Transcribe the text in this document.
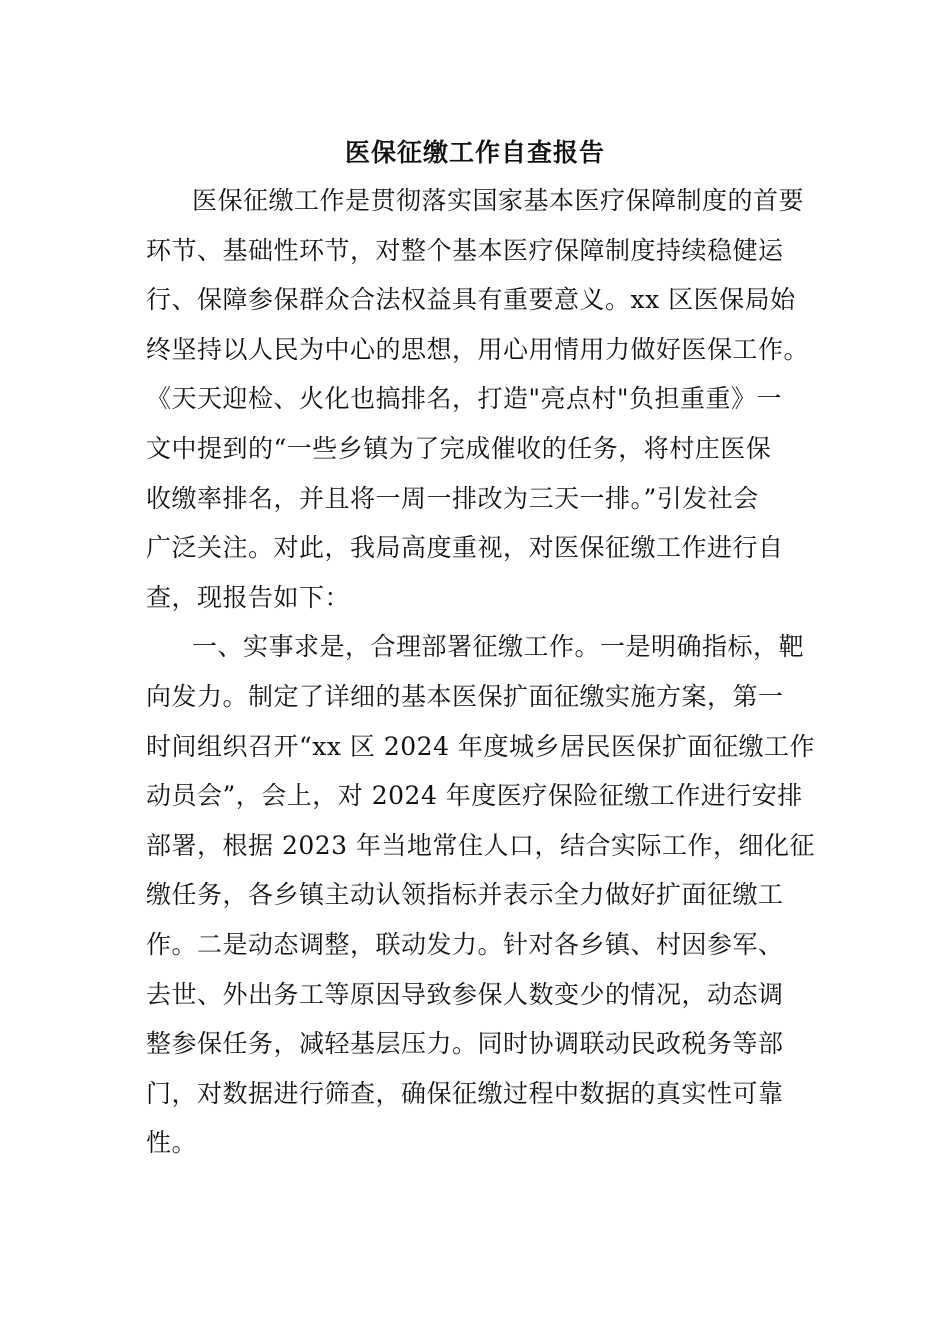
医保征缴工作自查报告
医保征缴工作是贯彻落实国家基本医疗保障制度的首要
环节、基础性环节，对整个基本医疗保障制度持续稳健运
行、保障参保群众合法权益具有重要意义。xx 区医保局始
终坚持以人民为中心的思想，用心用情用力做好医保工作。
《天天迎检、火化也搞排名，打造"亮点村"负担重重》一
文中提到的“一些乡镇为了完成催收的任务，将村庄医保
收缴率排名，并且将一周一排改为三天一排。”引发社会
广泛关注。对此，我局高度重视，对医保征缴工作进行自
查，现报告如下：
一、实事求是，合理部署征缴工作。一是明确指标，靶
向发力。制定了详细的基本医保扩面征缴实施方案，第一
时间组织召开“xx 区 2024 年度城乡居民医保扩面征缴工作
动员会”，会上，对 2024 年度医疗保险征缴工作进行安排
部署，根据 2023 年当地常住人口，结合实际工作，细化征
缴任务，各乡镇主动认领指标并表示全力做好扩面征缴工
作。二是动态调整，联动发力。针对各乡镇、村因参军、
去世、外出务工等原因导致参保人数变少的情况，动态调
整参保任务，减轻基层压力。同时协调联动民政税务等部
门，对数据进行筛查，确保征缴过程中数据的真实性可靠
性。
